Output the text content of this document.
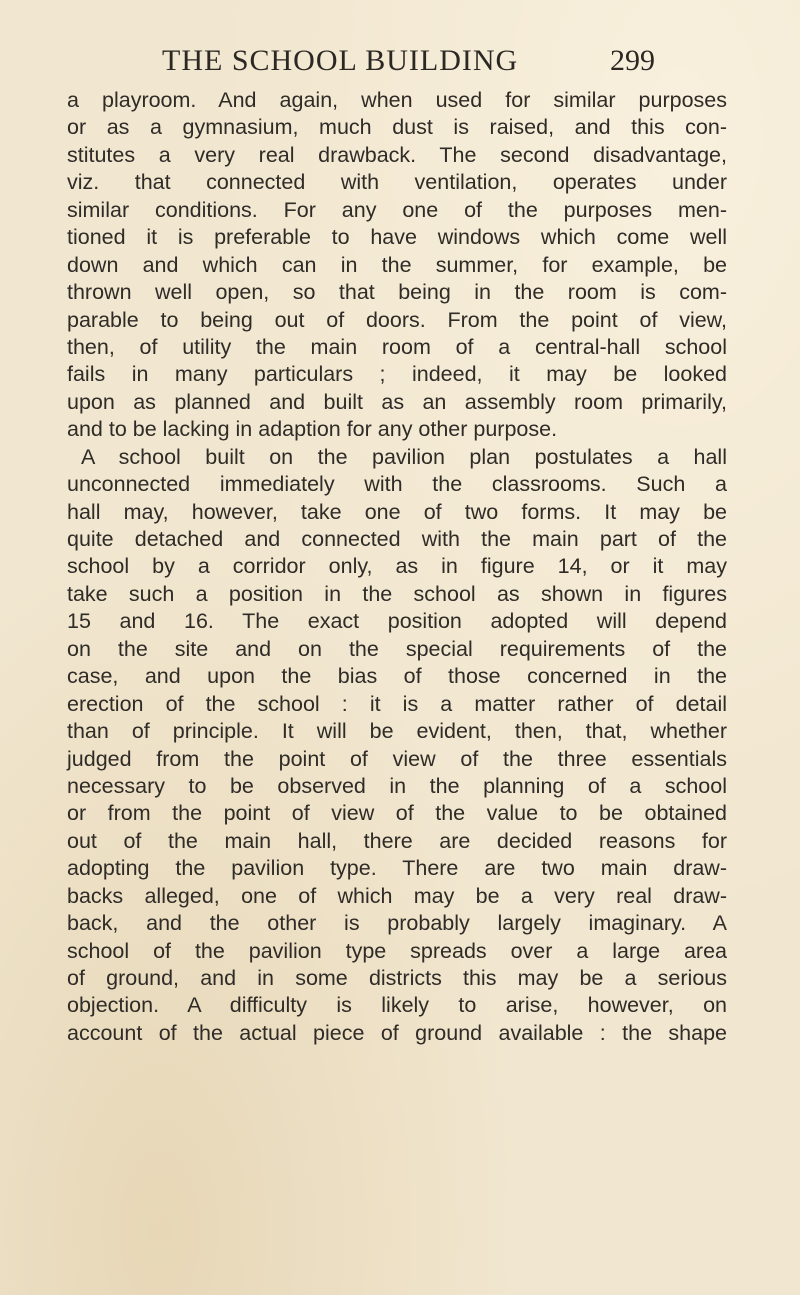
THE SCHOOL BUILDING	299
a playroom. And again, when used for similar purposes
or as a gymnasium, much dust is raised, and this con-
stitutes a very real drawback. The second disadvantage,
viz. that connected with ventilation, operates under
similar conditions. For any one of the purposes men-
tioned it is preferable to have windows which come well
down and which can in the summer, for example, be
thrown well open, so that being in the room is com-
parable to being out of doors. From the point of view,
then, of utility the main room of a central-hall school
fails in many particulars ; indeed, it may be looked
upon as planned and built as an assembly room primarily,
and to be lacking in adaption for any other purpose.
A school built on the pavilion plan postulates a hall
unconnected immediately with the classrooms. Such a
hall may, however, take one of two forms. It may be
quite detached and connected with the main part of the
school by a corridor only, as in figure 14, or it may
take such a position in the school as shown in figures
15 and 16. The exact position adopted will depend
on the site and on the special requirements of the
case, and upon the bias of those concerned in the
erection of the school : it is a matter rather of detail
than of principle. It will be evident, then, that, whether
judged from the point of view of the three essentials
necessary to be observed in the planning of a school
or from the point of view of the value to be obtained
out of the main hall, there are decided reasons for
adopting the pavilion type. There are two main draw-
backs alleged, one of which may be a very real draw-
back, and the other is probably largely imaginary. A
school of the pavilion type spreads over a large area
of ground, and in some districts this may be a serious
objection. A difficulty is likely to arise, however, on
account of the actual piece of ground available : the shape
